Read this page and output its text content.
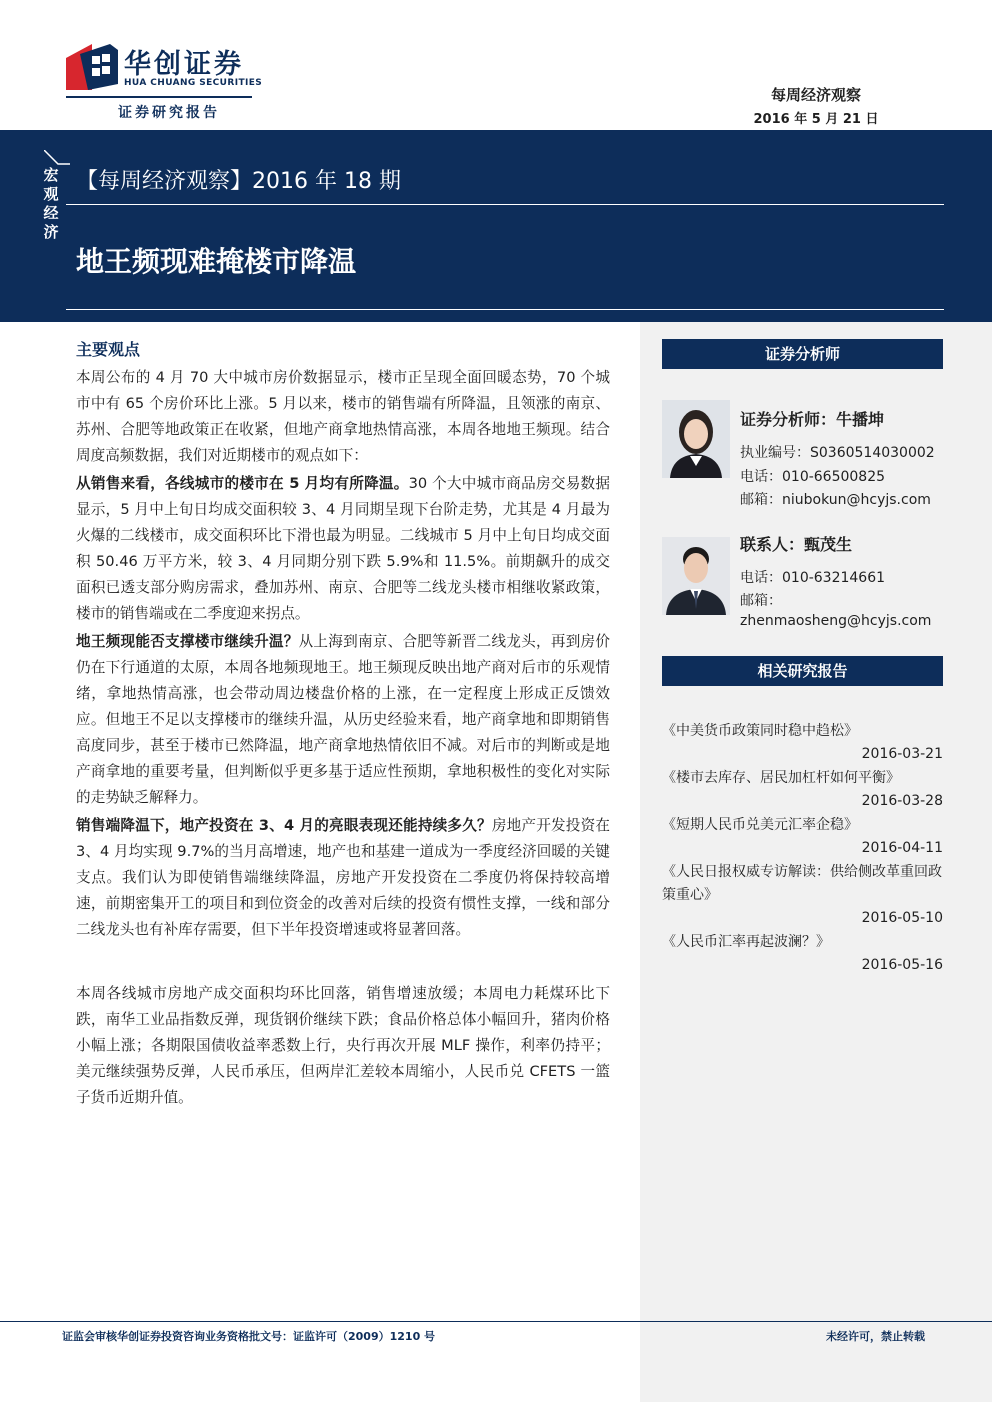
华创证券
HUA CHUANG SECURITIES
证券研究报告
每周经济观察
2016 年 5 月 21 日
宏观经济
【每周经济观察】2016 年 18 期
地王频现难掩楼市降温
证券分析师
证券分析师：牛播坤
执业编号：S0360514030002
电话：010-66500825
邮箱：niubokun@hcyjs.com
联系人：甄茂生
电话：010-63214661
邮箱：
zhenmaosheng@hcyjs.com
相关研究报告
《中美货币政策同时稳中趋松》
2016-03-21
《楼市去库存、居民加杠杆如何平衡》
2016-03-28
《短期人民币兑美元汇率企稳》
2016-04-11
《人民日报权威专访解读：供给侧改革重回政策重心》
2016-05-10
《人民币汇率再起波澜？》
2016-05-16
主要观点

本周公布的 4 月 70 大中城市房价数据显示，楼市正呈现全面回暖态势，70 个城市中有 65 个房价环比上涨。5 月以来，楼市的销售端有所降温，且领涨的南京、苏州、合肥等地政策正在收紧，但地产商拿地热情高涨，本周各地地王频现。结合周度高频数据，我们对近期楼市的观点如下：

从销售来看，各线城市的楼市在 5 月均有所降温。30 个大中城市商品房交易数据显示，5 月中上旬日均成交面积较 3、4 月同期呈现下台阶走势，尤其是 4 月最为火爆的二线楼市，成交面积环比下滑也最为明显。二线城市 5 月中上旬日均成交面积 50.46 万平方米，较 3、4 月同期分别下跌 5.9%和 11.5%。前期飙升的成交面积已透支部分购房需求，叠加苏州、南京、合肥等二线龙头楼市相继收紧政策，楼市的销售端或在二季度迎来拐点。

地王频现能否支撑楼市继续升温？从上海到南京、合肥等新晋二线龙头，再到房价仍在下行通道的太原，本周各地频现地王。地王频现反映出地产商对后市的乐观情绪，拿地热情高涨，也会带动周边楼盘价格的上涨，在一定程度上形成正反馈效应。但地王不足以支撑楼市的继续升温，从历史经验来看，地产商拿地和即期销售高度同步，甚至于楼市已然降温，地产商拿地热情依旧不减。对后市的判断或是地产商拿地的重要考量，但判断似乎更多基于适应性预期，拿地积极性的变化对实际的走势缺乏解释力。

销售端降温下，地产投资在 3、4 月的亮眼表现还能持续多久？房地产开发投资在 3、4 月均实现 9.7%的当月高增速，地产也和基建一道成为一季度经济回暖的关键支点。我们认为即使销售端继续降温，房地产开发投资在二季度仍将保持较高增速，前期密集开工的项目和到位资金的改善对后续的投资有惯性支撑，一线和部分二线龙头也有补库存需要，但下半年投资增速或将显著回落。

本周各线城市房地产成交面积均环比回落，销售增速放缓；本周电力耗煤环比下跌，南华工业品指数反弹，现货钢价继续下跌；食品价格总体小幅回升，猪肉价格小幅上涨；各期限国债收益率悉数上行，央行再次开展 MLF 操作，利率仍持平；美元继续强势反弹，人民币承压，但两岸汇差较本周缩小，人民币兑 CFETS 一篮子货币近期升值。

证监会审核华创证券投资咨询业务资格批文号：证监许可（2009）1210 号	未经许可，禁止转载
